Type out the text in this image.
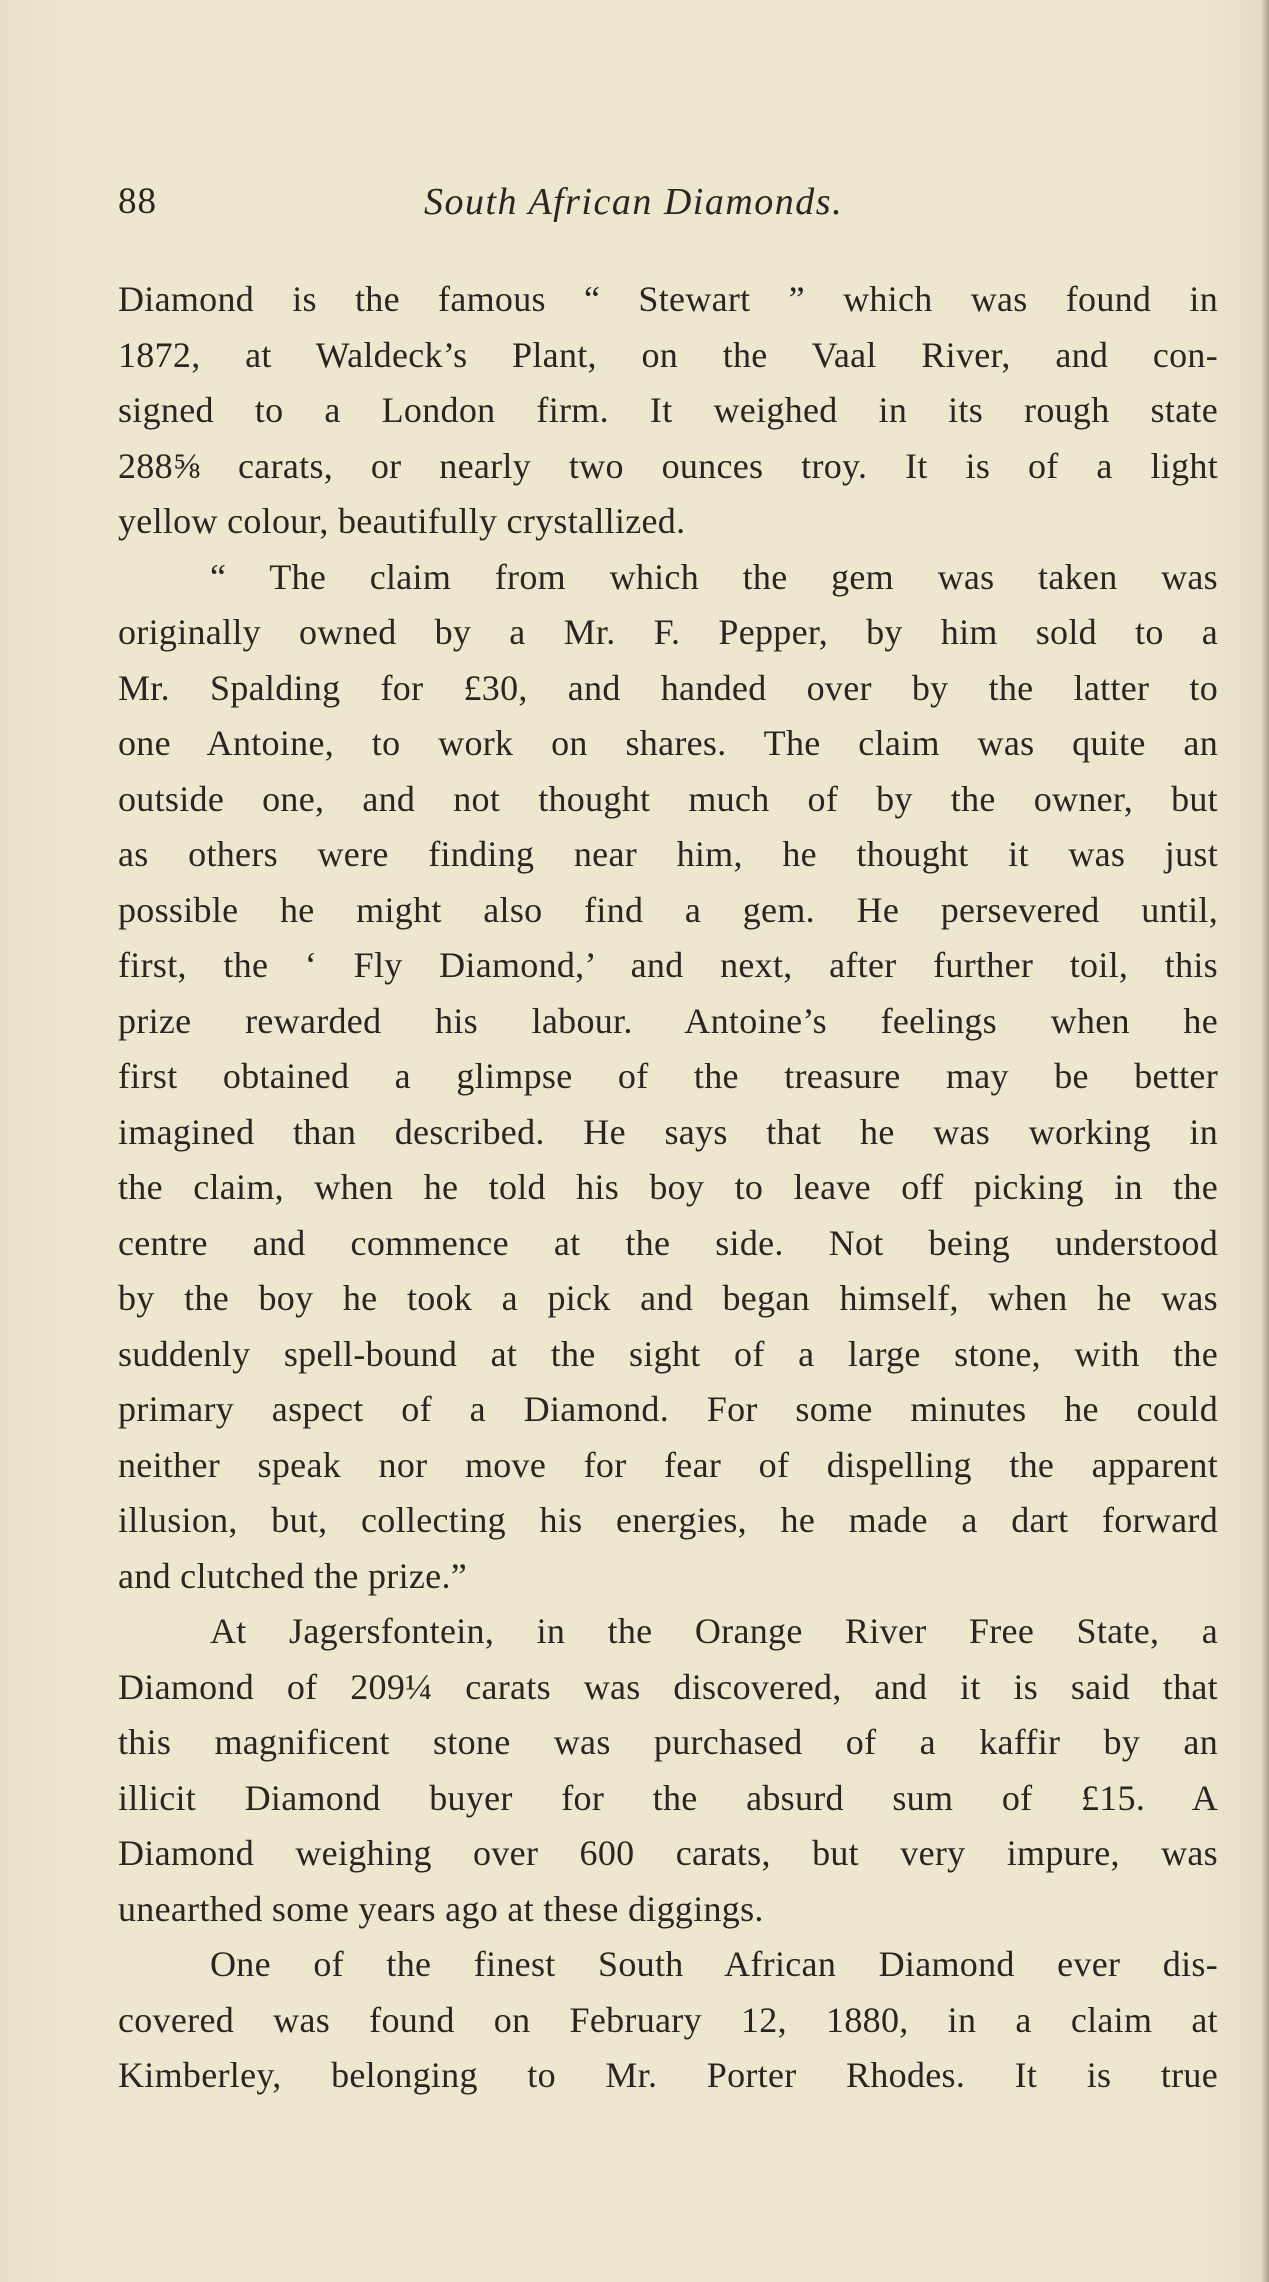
88	South African Diamonds.
Diamond is the famous “ Stewart ” which was found in
1872, at Waldeck’s Plant, on the Vaal River, and con-
signed to a London firm. It weighed in its rough state
288⅝ carats, or nearly two ounces troy. It is of a light
yellow colour, beautifully crystallized.
“ The claim from which the gem was taken was
originally owned by a Mr. F. Pepper, by him sold to a
Mr. Spalding for £30, and handed over by the latter to
one Antoine, to work on shares. The claim was quite an
outside one, and not thought much of by the owner, but
as others were finding near him, he thought it was just
possible he might also find a gem. He persevered until,
first, the ‘ Fly Diamond,’ and next, after further toil, this
prize rewarded his labour. Antoine’s feelings when he
first obtained a glimpse of the treasure may be better
imagined than described. He says that he was working in
the claim, when he told his boy to leave off picking in the
centre and commence at the side. Not being understood
by the boy he took a pick and began himself, when he was
suddenly spell-bound at the sight of a large stone, with the
primary aspect of a Diamond. For some minutes he could
neither speak nor move for fear of dispelling the apparent
illusion, but, collecting his energies, he made a dart forward
and clutched the prize.”
At Jagersfontein, in the Orange River Free State, a
Diamond of 209¼ carats was discovered, and it is said that
this magnificent stone was purchased of a kaffir by an
illicit Diamond buyer for the absurd sum of £15. A
Diamond weighing over 600 carats, but very impure, was
unearthed some years ago at these diggings.
One of the finest South African Diamond ever dis-
covered was found on February 12, 1880, in a claim at
Kimberley, belonging to Mr. Porter Rhodes. It is true
